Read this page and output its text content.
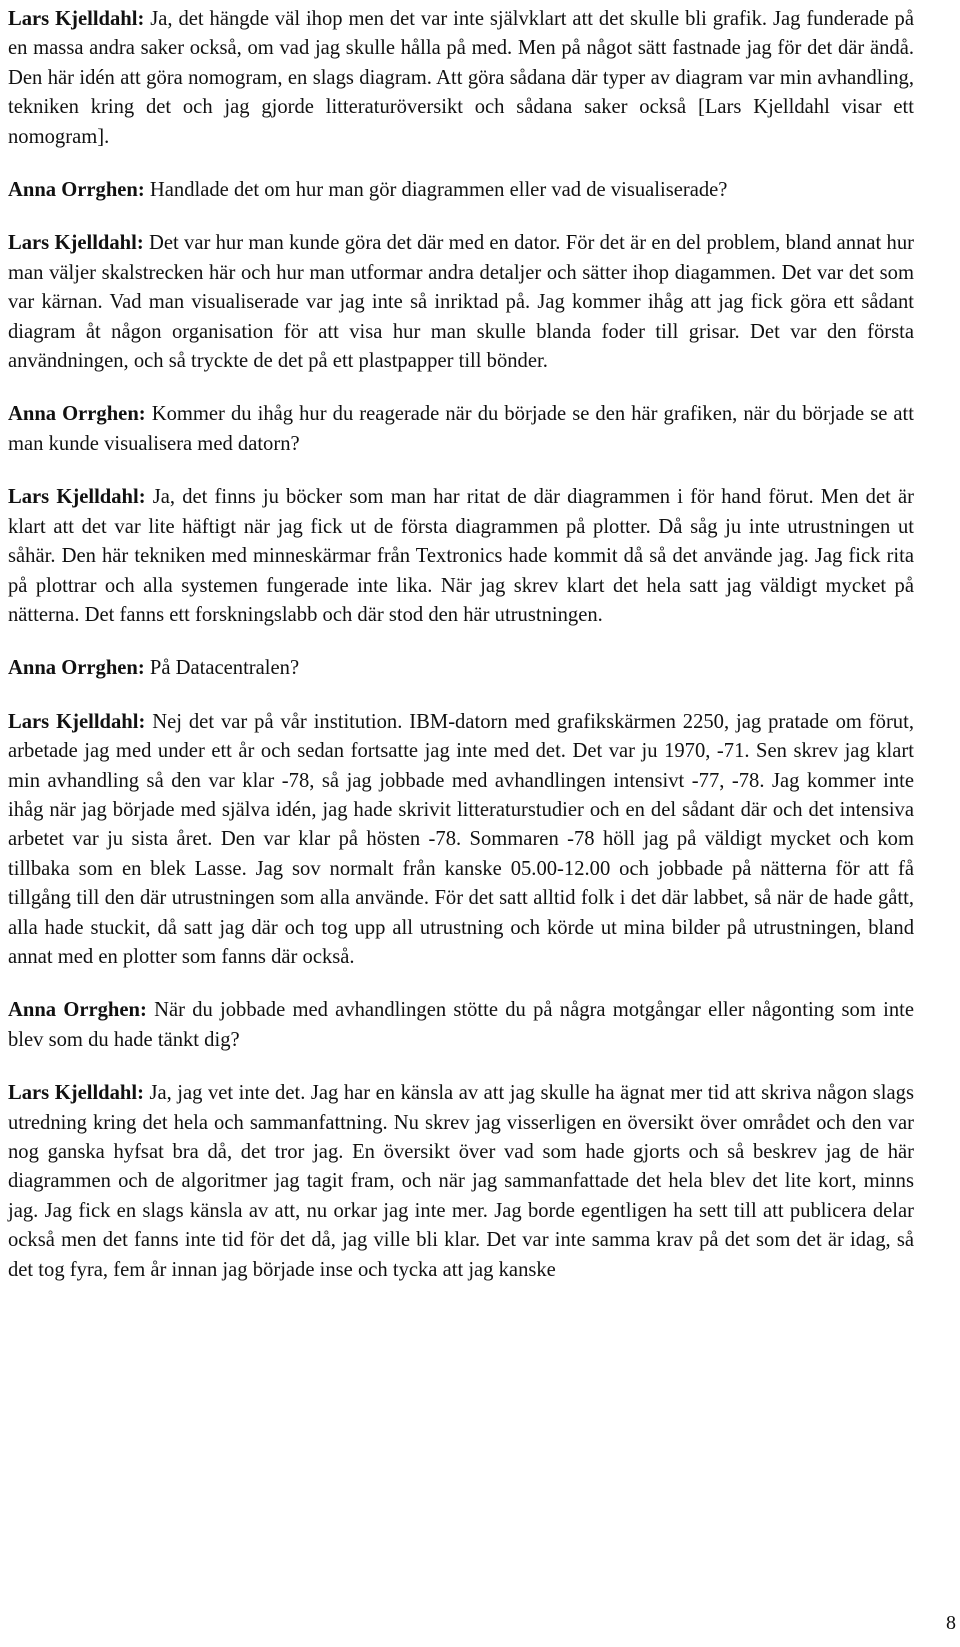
Lars Kjelldahl: Ja, det hängde väl ihop men det var inte självklart att det skulle bli grafik. Jag funderade på en massa andra saker också, om vad jag skulle hålla på med. Men på något sätt fastnade jag för det där ändå. Den här idén att göra nomogram, en slags diagram. Att göra sådana där typer av diagram var min avhandling, tekniken kring det och jag gjorde litteraturöversikt och sådana saker också [Lars Kjelldahl visar ett nomogram].

Anna Orrghen: Handlade det om hur man gör diagrammen eller vad de visualiserade?

Lars Kjelldahl: Det var hur man kunde göra det där med en dator. För det är en del problem, bland annat hur man väljer skalstrecken här och hur man utformar andra detaljer och sätter ihop diagammen. Det var det som var kärnan. Vad man visualiserade var jag inte så inriktad på. Jag kommer ihåg att jag fick göra ett sådant diagram åt någon organisation för att visa hur man skulle blanda foder till grisar. Det var den första användningen, och så tryckte de det på ett plastpapper till bönder.

Anna Orrghen: Kommer du ihåg hur du reagerade när du började se den här grafiken, när du började se att man kunde visualisera med datorn?

Lars Kjelldahl: Ja, det finns ju böcker som man har ritat de där diagrammen i för hand förut. Men det är klart att det var lite häftigt när jag fick ut de första diagrammen på plotter. Då såg ju inte utrustningen ut såhär. Den här tekniken med minneskärmar från Textronics hade kommit då så det använde jag. Jag fick rita på plottrar och alla systemen fungerade inte lika. När jag skrev klart det hela satt jag väldigt mycket på nätterna. Det fanns ett forskningslabb och där stod den här utrustningen.

Anna Orrghen: På Datacentralen?

Lars Kjelldahl: Nej det var på vår institution. IBM-datorn med grafikskärmen 2250, jag pratade om förut, arbetade jag med under ett år och sedan fortsatte jag inte med det. Det var ju 1970, -71. Sen skrev jag klart min avhandling så den var klar -78, så jag jobbade med avhandlingen intensivt -77, -78. Jag kommer inte ihåg när jag började med själva idén, jag hade skrivit litteraturstudier och en del sådant där och det intensiva arbetet var ju sista året. Den var klar på hösten -78. Sommaren -78 höll jag på väldigt mycket och kom tillbaka som en blek Lasse. Jag sov normalt från kanske 05.00-12.00 och jobbade på nätterna för att få tillgång till den där utrustningen som alla använde. För det satt alltid folk i det där labbet, så när de hade gått, alla hade stuckit, då satt jag där och tog upp all utrustning och körde ut mina bilder på utrustningen, bland annat med en plotter som fanns där också.

Anna Orrghen: När du jobbade med avhandlingen stötte du på några motgångar eller någonting som inte blev som du hade tänkt dig?

Lars Kjelldahl: Ja, jag vet inte det. Jag har en känsla av att jag skulle ha ägnat mer tid att skriva någon slags utredning kring det hela och sammanfattning. Nu skrev jag visserligen en översikt över området och den var nog ganska hyfsat bra då, det tror jag. En översikt över vad som hade gjorts och så beskrev jag de här diagrammen och de algoritmer jag tagit fram, och när jag sammanfattade det hela blev det lite kort, minns jag. Jag fick en slags känsla av att, nu orkar jag inte mer. Jag borde egentligen ha sett till att publicera delar också men det fanns inte tid för det då, jag ville bli klar. Det var inte samma krav på det som det är idag, så det tog fyra, fem år innan jag började inse och tycka att jag kanske

8
